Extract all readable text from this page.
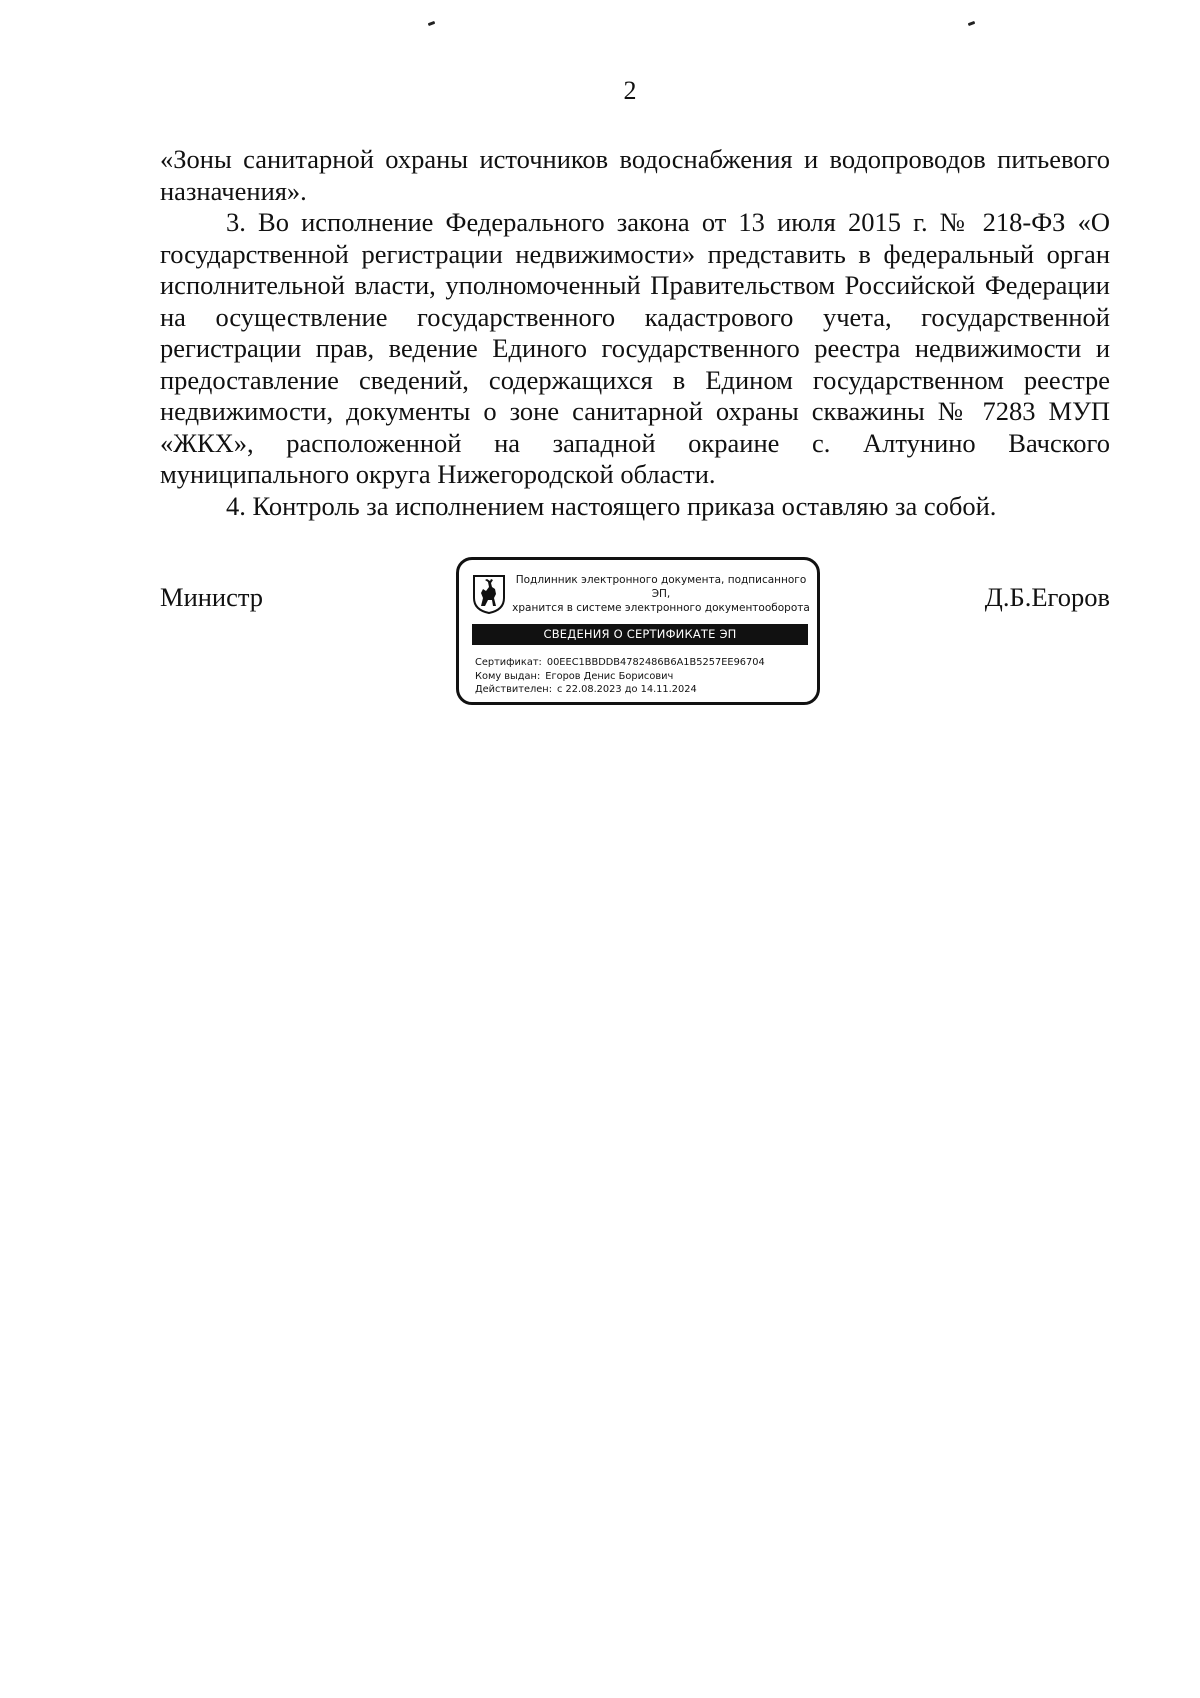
2

«Зоны санитарной охраны источников водоснабжения и водопроводов питьевого назначения».

3. Во исполнение Федерального закона от 13 июля 2015 г. № 218-ФЗ «О государственной регистрации недвижимости» представить в федеральный орган исполнительной власти, уполномоченный Правительством Российской Федерации на осуществление государственного кадастрового учета, государственной регистрации прав, ведение Единого государственного реестра недвижимости и предоставление сведений, содержащихся в Едином государственном реестре недвижимости, документы о зоне санитарной охраны скважины № 7283 МУП «ЖКХ», расположенной на западной окраине с. Алтунино Вачского муниципального округа Нижегородской области.

4. Контроль за исполнением настоящего приказа оставляю за собой.

Министр	Д.Б.Егоров
Подлинник электронного документа, подписанного ЭП,
хранится в системе электронного документооборота
СВЕДЕНИЯ О СЕРТИФИКАТЕ ЭП
Сертификат: 00EEC1BBDDB4782486B6A1B5257EE96704
Кому выдан: Егоров Денис Борисович
Действителен: с 22.08.2023 до 14.11.2024
